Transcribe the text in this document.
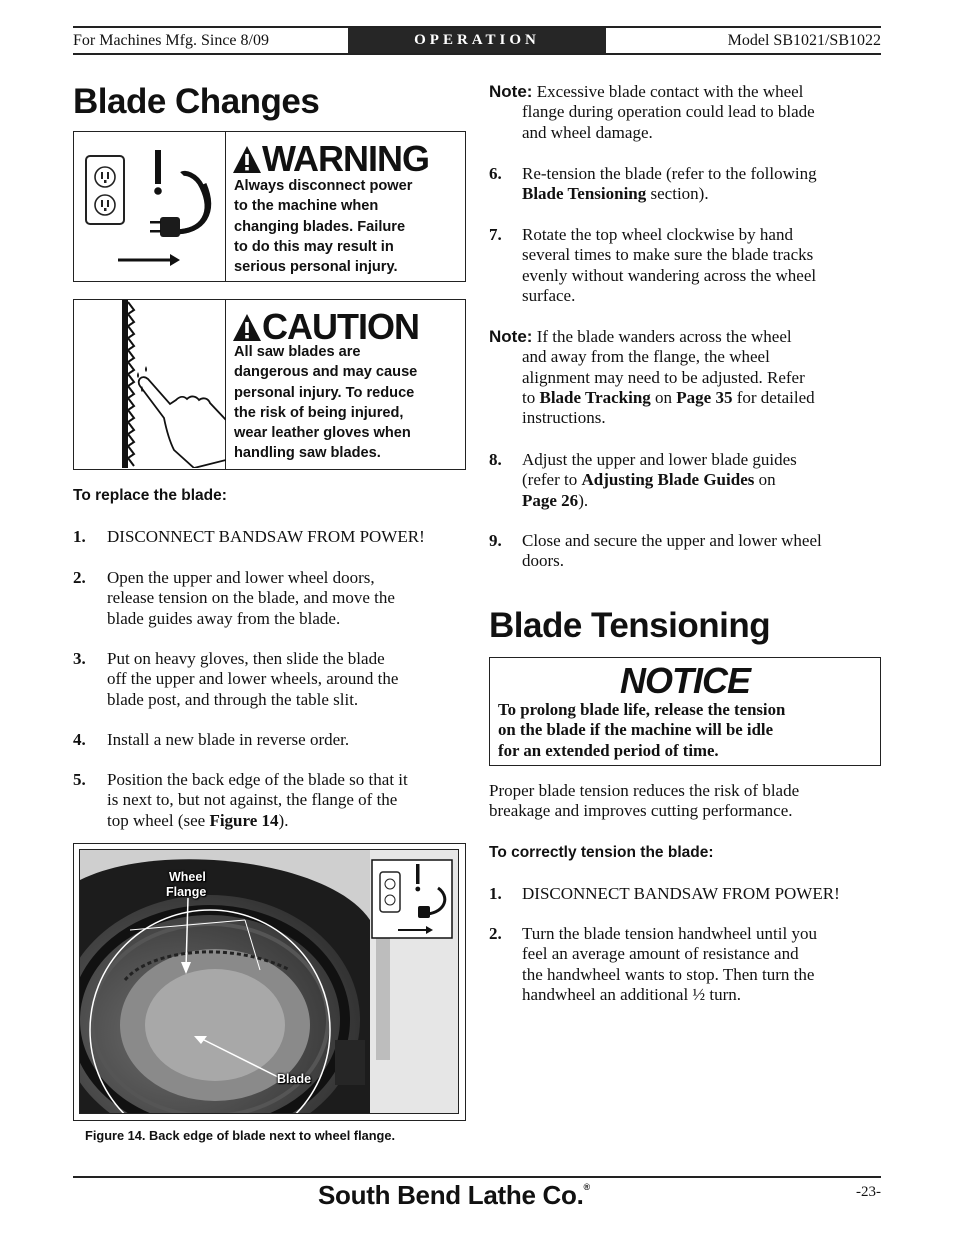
For Machines Mfg. Since 8/09	OPERATION	Model SB1021/SB1022
Blade Changes
WARNING
Always disconnect power
to the machine when
changing blades. Failure
to do this may result in
serious personal injury.
CAUTION
All saw blades are
dangerous and may cause
personal injury. To reduce
the risk of being injured,
wear leather gloves when
handling saw blades.
To replace the blade:
1. DISCONNECT BANDSAW FROM POWER!
2. Open the upper and lower wheel doors,
release tension on the blade, and move the
blade guides away from the blade.
3. Put on heavy gloves, then slide the blade
off the upper and lower wheels, around the
blade post, and through the table slit.
4. Install a new blade in reverse order.
5. Position the back edge of the blade so that it
is next to, but not against, the flange of the
top wheel (see Figure 14).
Wheel
Flange
Blade
Figure 14. Back edge of blade next to wheel flange.
Note: Excessive blade contact with the wheel
flange during operation could lead to blade
and wheel damage.
6. Re-tension the blade (refer to the following
Blade Tensioning section).
7. Rotate the top wheel clockwise by hand
several times to make sure the blade tracks
evenly without wandering across the wheel
surface.
Note: If the blade wanders across the wheel
and away from the flange, the wheel
alignment may need to be adjusted. Refer
to Blade Tracking on Page 35 for detailed
instructions.
8. Adjust the upper and lower blade guides
(refer to Adjusting Blade Guides on
Page 26).
9. Close and secure the upper and lower wheel
doors.
Blade Tensioning
NOTICE
To prolong blade life, release the tension
on the blade if the machine will be idle
for an extended period of time.
Proper blade tension reduces the risk of blade
breakage and improves cutting performance.
To correctly tension the blade:
1. DISCONNECT BANDSAW FROM POWER!
2. Turn the blade tension handwheel until you
feel an average amount of resistance and
the handwheel wants to stop. Then turn the
handwheel an additional ½ turn.
South Bend Lathe Co.®	-23-
